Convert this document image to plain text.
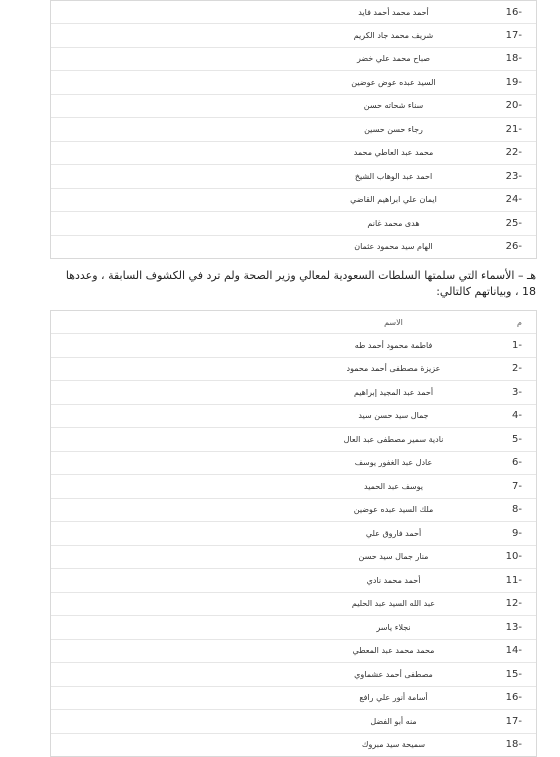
16-
أحمد محمد أحمد فايد
17-
شريف محمد جاد الكريم
18-
صباح محمد علي خضر
19-
السيد عبده عوض عوضين
20-
سناء شحاته حسن
21-
رجاء حسن حسين
22-
محمد عبد العاطي محمد
23-
احمد عبد الوهاب الشيخ
24-
ايمان علي ابراهيم القاضي
25-
هدى محمد غانم
26-
الهام سيد محمود عثمان
هـ – الأسماء التي سلمتها السلطات السعودية لمعالي وزير الصحة ولم ترد في الكشوف السابقة ، وعددها 18 ، وبياناتهم كالتالي:
م
الاسم
1-
فاطمة محمود أحمد طه
2-
عزيزة مصطفى أحمد محمود
3-
أحمد عبد المجيد إبراهيم
4-
جمال سيد حسن سيد
5-
نادية سمير مصطفى عبد العال
6-
عادل عبد الغفور يوسف
7-
يوسف عبد الحميد
8-
ملك السيد عبده عوضين
9-
أحمد فاروق علي
10-
منار جمال سيد حسن
11-
أحمد محمد نادي
12-
عبد الله السيد عبد الحليم
13-
نجلاء ياسر
14-
محمد محمد عبد المعطي
15-
مصطفى أحمد عشماوي
16-
أسامة أنور علي رافع
17-
منه أبو الفضل
18-
سميحة سيد مبروك
